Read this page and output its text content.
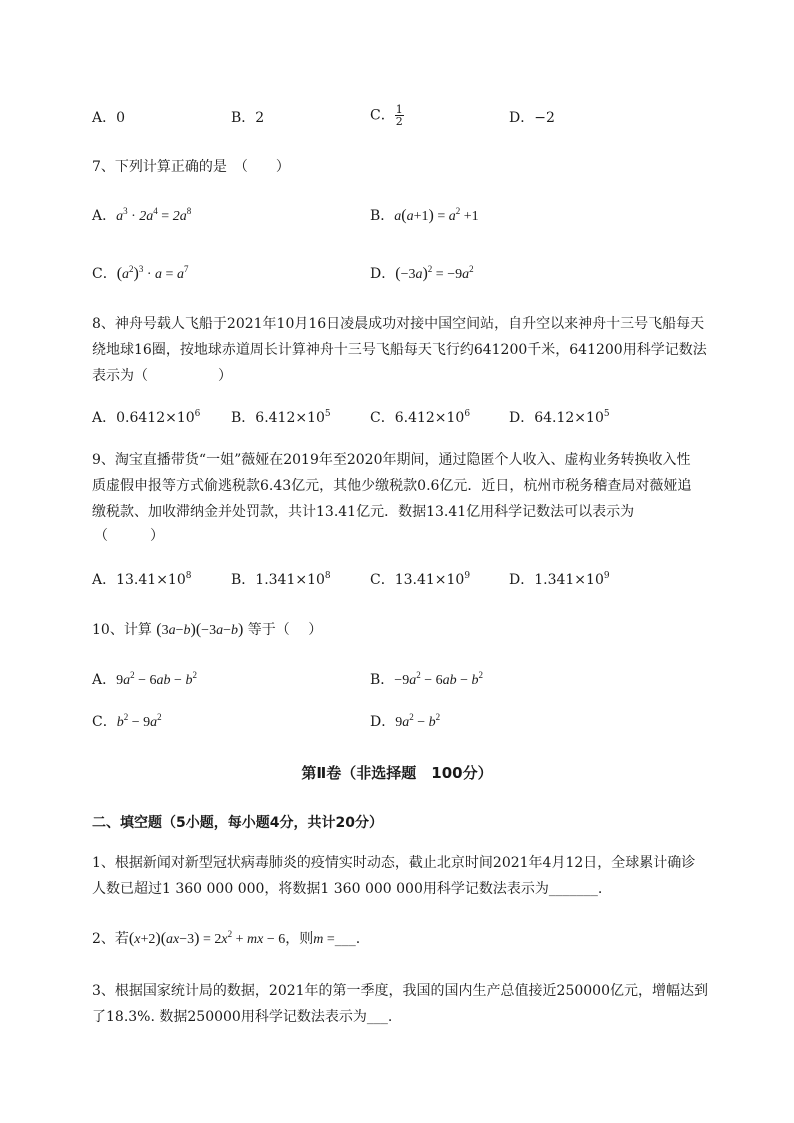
A．0	B．2	C． $\frac{1}{2}$	D．−2
7、下列计算正确的是　（　　）
A．$a^3 \cdot 2a^4 = 2a^8$	B．$a(a+1) = a^2 +1$
C．$(a^2)^3 \cdot a = a^7$	D．$(-3a)^2 = -9a^2$
8、神舟号载人飞船于2021年10月16日凌晨成功对接中国空间站，自升空以来神舟十三号飞船每天
绕地球16圈，按地球赤道周长计算神舟十三号飞船每天飞行约641200千米，641200用科学记数法
表示为（　　　　　）
A．$0.6412\times 10^6$ B．$6.412\times 10^5$	C．$6.412\times 10^6$	D．$64.12\times 10^5$
9、淘宝直播带货“一姐”薇娅在2019年至2020年期间，通过隐匿个人收入、虚构业务转换收入性
质虚假申报等方式偷逃税款6.43亿元，其他少缴税款0.6亿元．近日，杭州市税务稽查局对薇娅追
缴税款、加收滞纳金并处罚款，共计13.41亿元．数据13.41亿用科学记数法可以表示为
（　　　）
A．$13.41\times 10^8$	B．$1.341\times 10^8$	C．$13.41\times 10^9$	D．$1.341\times 10^9$
10、计算 (3a−b)(−3a−b) 等于（　 ）
A．$9a^2 - 6ab - b^2$	B．$-9a^2 - 6ab - b^2$
C．$b^2 - 9a^2$	D．$9a^2 - b^2$
第Ⅱ卷（非选择题　100分）
二、填空题（5小题，每小题4分，共计20分）
1、根据新闻对新型冠状病毒肺炎的疫情实时动态，截止北京时间2021年4月12日，全球累计确诊
人数已超过1 360 000 000，将数据1 360 000 000用科学记数法表示为_______.
2、若$(x+2)(ax-3) = 2x^2$ + mx − 6，则m =___.
3、根据国家统计局的数据，2021年的第一季度，我国的国内生产总值接近250000亿元，增幅达到
了18.3%. 数据250000用科学记数法表示为___.
